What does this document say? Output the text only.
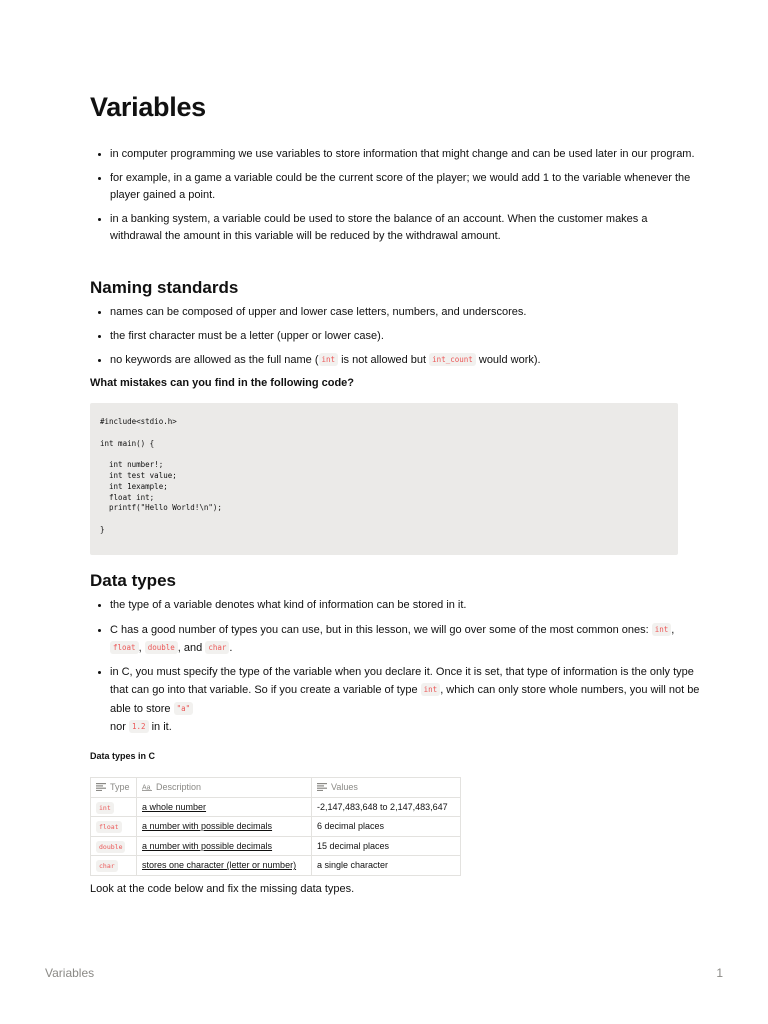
Variables
• in computer programming we use variables to store information that might change and can be used later in our program.
• for example, in a game a variable could be the current score of the player; we would add 1 to the variable whenever the player gained a point.
• in a banking system, a variable could be used to store the balance of an account. When the customer makes a withdrawal the amount in this variable will be reduced by the withdrawal amount.
Naming standards
• names can be composed of upper and lower case letters, numbers, and underscores.
• the first character must be a letter (upper or lower case).
• no keywords are allowed as the full name ( int is not allowed but int_count would work).
What mistakes can you find in the following code?
#include<stdio.h>

int main() {

int number!;
int test value;
int 1example;
float int;
printf("Hello World!\n");

}
Data types
• the type of a variable denotes what kind of information can be stored in it.
• C has a good number of types you can use, but in this lesson, we will go over some of the most common ones: int , float , double , and char .
• in C, you must specify the type of the variable when you declare it. Once it is set, that type of information is the only type that can go into that variable. So if you create a variable of type int , which can only store whole numbers, you will not be able to store "a"
nor 1.2 in it.
Data types in C
Type	Aa Description	Values
int	a whole number	-2,147,483,648 to 2,147,483,647
float	a number with possible decimals	6 decimal places
double	a number with possible decimals	15 decimal places
char	stores one character (letter or number)	a single character
Look at the code below and fix the missing data types.
Variables	1
